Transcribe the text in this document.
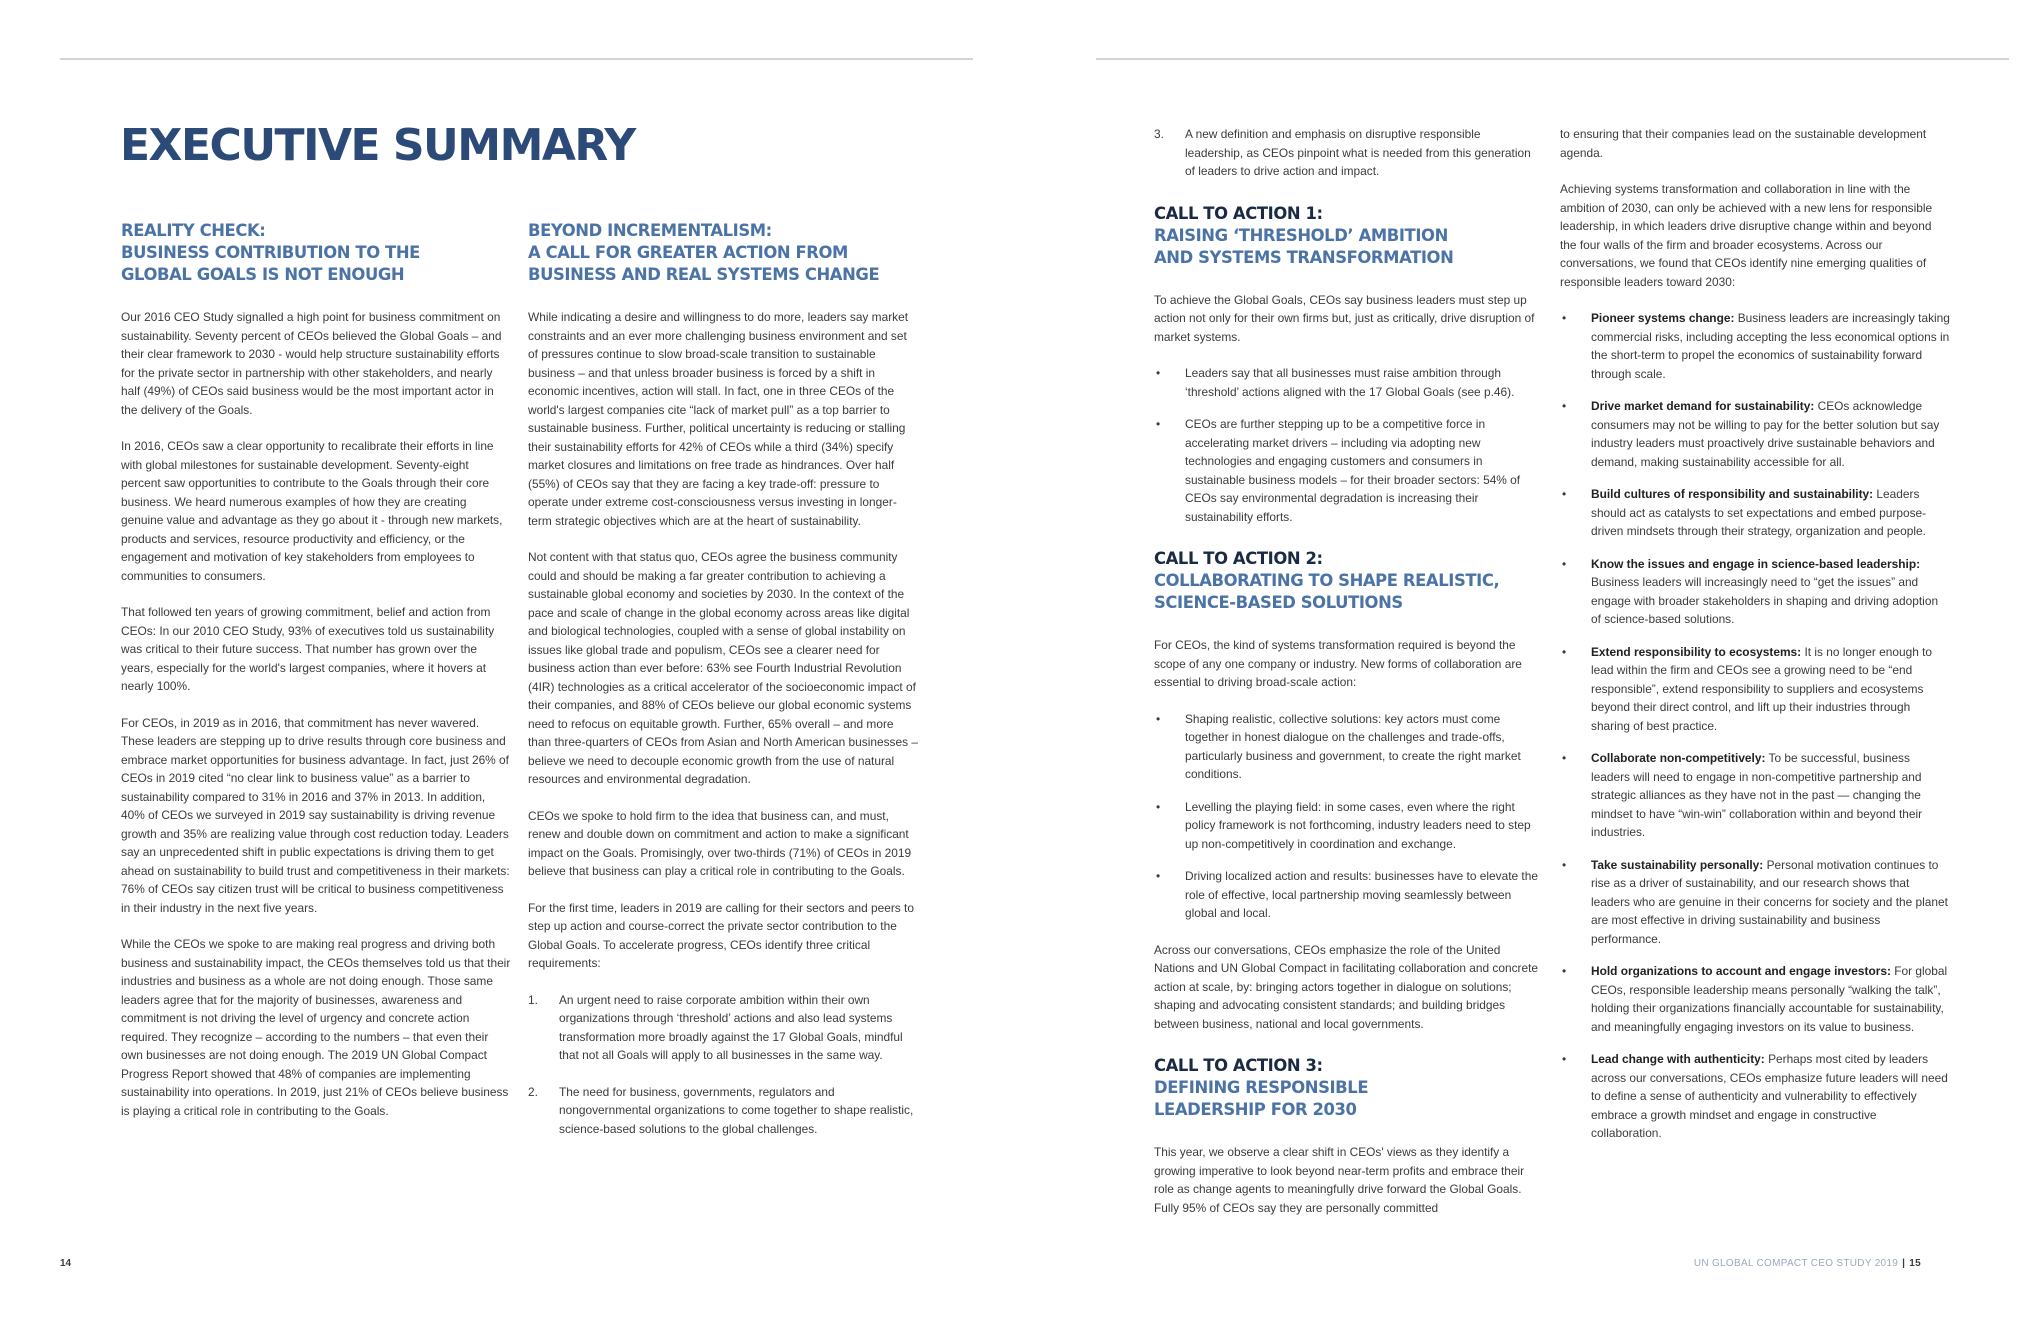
EXECUTIVE SUMMARY
REALITY CHECK:
BUSINESS CONTRIBUTION TO THE
GLOBAL GOALS IS NOT ENOUGH

Our 2016 CEO Study signalled a high point for business commitment on sustainability. Seventy percent of CEOs believed the Global Goals – and their clear framework to 2030 - would help structure sustainability efforts for the private sector in partnership with other stakeholders, and nearly half (49%) of CEOs said business would be the most important actor in the delivery of the Goals.

In 2016, CEOs saw a clear opportunity to recalibrate their efforts in line with global milestones for sustainable development. Seventy-eight percent saw opportunities to contribute to the Goals through their core business. We heard numerous examples of how they are creating genuine value and advantage as they go about it - through new markets, products and services, resource productivity and efficiency, or the engagement and motivation of key stakeholders from employees to communities to consumers.

That followed ten years of growing commitment, belief and action from CEOs: In our 2010 CEO Study, 93% of executives told us sustainability was critical to their future success. That number has grown over the years, especially for the world's largest companies, where it hovers at nearly 100%.

For CEOs, in 2019 as in 2016, that commitment has never wavered. These leaders are stepping up to drive results through core business and embrace market opportunities for business advantage. In fact, just 26% of CEOs in 2019 cited “no clear link to business value” as a barrier to sustainability compared to 31% in 2016 and 37% in 2013. In addition, 40% of CEOs we surveyed in 2019 say sustainability is driving revenue growth and 35% are realizing value through cost reduction today. Leaders say an unprecedented shift in public expectations is driving them to get ahead on sustainability to build trust and competitiveness in their markets: 76% of CEOs say citizen trust will be critical to business competitiveness in their industry in the next five years.

While the CEOs we spoke to are making real progress and driving both business and sustainability impact, the CEOs themselves told us that their industries and business as a whole are not doing enough. Those same leaders agree that for the majority of businesses, awareness and commitment is not driving the level of urgency and concrete action required. They recognize – according to the numbers – that even their own businesses are not doing enough. The 2019 UN Global Compact Progress Report showed that 48% of companies are implementing sustainability into operations. In 2019, just 21% of CEOs believe business is playing a critical role in contributing to the Goals.

BEYOND INCREMENTALISM:
A CALL FOR GREATER ACTION FROM
BUSINESS AND REAL SYSTEMS CHANGE

While indicating a desire and willingness to do more, leaders say market constraints and an ever more challenging business environment and set of pressures continue to slow broad-scale transition to sustainable business – and that unless broader business is forced by a shift in economic incentives, action will stall. In fact, one in three CEOs of the world's largest companies cite “lack of market pull” as a top barrier to sustainable business. Further, political uncertainty is reducing or stalling their sustainability efforts for 42% of CEOs while a third (34%) specify market closures and limitations on free trade as hindrances. Over half (55%) of CEOs say that they are facing a key trade-off: pressure to operate under extreme cost-consciousness versus investing in longer-term strategic objectives which are at the heart of sustainability.

Not content with that status quo, CEOs agree the business community could and should be making a far greater contribution to achieving a sustainable global economy and societies by 2030. In the context of the pace and scale of change in the global economy across areas like digital and biological technologies, coupled with a sense of global instability on issues like global trade and populism, CEOs see a clearer need for business action than ever before: 63% see Fourth Industrial Revolution (4IR) technologies as a critical accelerator of the socioeconomic impact of their companies, and 88% of CEOs believe our global economic systems need to refocus on equitable growth. Further, 65% overall – and more than three-quarters of CEOs from Asian and North American businesses – believe we need to decouple economic growth from the use of natural resources and environmental degradation.

CEOs we spoke to hold firm to the idea that business can, and must, renew and double down on commitment and action to make a significant impact on the Goals. Promisingly, over two-thirds (71%) of CEOs in 2019 believe that business can play a critical role in contributing to the Goals.

For the first time, leaders in 2019 are calling for their sectors and peers to step up action and course-correct the private sector contribution to the Global Goals. To accelerate progress, CEOs identify three critical requirements:

1. An urgent need to raise corporate ambition within their own organizations through ‘threshold’ actions and also lead systems transformation more broadly against the 17 Global Goals, mindful that not all Goals will apply to all businesses in the same way.
2. The need for business, governments, regulators and nongovernmental organizations to come together to shape realistic, science-based solutions to the global challenges.
14
3. A new definition and emphasis on disruptive responsible leadership, as CEOs pinpoint what is needed from this generation of leaders to drive action and impact.
CALL TO ACTION 1:
RAISING ‘THRESHOLD’ AMBITION
AND SYSTEMS TRANSFORMATION

To achieve the Global Goals, CEOs say business leaders must step up action not only for their own firms but, just as critically, drive disruption of market systems.

• Leaders say that all businesses must raise ambition through ‘threshold’ actions aligned with the 17 Global Goals (see p.46).
• CEOs are further stepping up to be a competitive force in accelerating market drivers – including via adopting new technologies and engaging customers and consumers in sustainable business models – for their broader sectors: 54% of CEOs say environmental degradation is increasing their sustainability efforts.
CALL TO ACTION 2:
COLLABORATING TO SHAPE REALISTIC,
SCIENCE-BASED SOLUTIONS

For CEOs, the kind of systems transformation required is beyond the scope of any one company or industry. New forms of collaboration are essential to driving broad-scale action:

• Shaping realistic, collective solutions: key actors must come together in honest dialogue on the challenges and trade-offs, particularly business and government, to create the right market conditions.
• Levelling the playing field: in some cases, even where the right policy framework is not forthcoming, industry leaders need to step up non-competitively in coordination and exchange.
• Driving localized action and results: businesses have to elevate the role of effective, local partnership moving seamlessly between global and local.

Across our conversations, CEOs emphasize the role of the United Nations and UN Global Compact in facilitating collaboration and concrete action at scale, by: bringing actors together in dialogue on solutions; shaping and advocating consistent standards; and building bridges between business, national and local governments.

CALL TO ACTION 3:
DEFINING RESPONSIBLE
LEADERSHIP FOR 2030

This year, we observe a clear shift in CEOs' views as they identify a growing imperative to look beyond near-term profits and embrace their role as change agents to meaningfully drive forward the Global Goals. Fully 95% of CEOs say they are personally committed

to ensuring that their companies lead on the sustainable development agenda.

Achieving systems transformation and collaboration in line with the ambition of 2030, can only be achieved with a new lens for responsible leadership, in which leaders drive disruptive change within and beyond the four walls of the firm and broader ecosystems. Across our conversations, we found that CEOs identify nine emerging qualities of responsible leaders toward 2030:

• Pioneer systems change: Business leaders are increasingly taking commercial risks, including accepting the less economical options in the short-term to propel the economics of sustainability forward through scale.
• Drive market demand for sustainability: CEOs acknowledge consumers may not be willing to pay for the better solution but say industry leaders must proactively drive sustainable behaviors and demand, making sustainability accessible for all.
• Build cultures of responsibility and sustainability: Leaders should act as catalysts to set expectations and embed purpose-driven mindsets through their strategy, organization and people.
• Know the issues and engage in science-based leadership: Business leaders will increasingly need to “get the issues” and engage with broader stakeholders in shaping and driving adoption of science-based solutions.
• Extend responsibility to ecosystems: It is no longer enough to lead within the firm and CEOs see a growing need to be “end responsible”, extend responsibility to suppliers and ecosystems beyond their direct control, and lift up their industries through sharing of best practice.
• Collaborate non-competitively: To be successful, business leaders will need to engage in non-competitive partnership and strategic alliances as they have not in the past — changing the mindset to have “win-win” collaboration within and beyond their industries.
• Take sustainability personally: Personal motivation continues to rise as a driver of sustainability, and our research shows that leaders who are genuine in their concerns for society and the planet are most effective in driving sustainability and business performance.
• Hold organizations to account and engage investors: For global CEOs, responsible leadership means personally “walking the talk”, holding their organizations financially accountable for sustainability, and meaningfully engaging investors on its value to business.
• Lead change with authenticity: Perhaps most cited by leaders across our conversations, CEOs emphasize future leaders will need to define a sense of authenticity and vulnerability to effectively embrace a growth mindset and engage in constructive collaboration.
UN GLOBAL COMPACT CEO STUDY 2019 | 15
